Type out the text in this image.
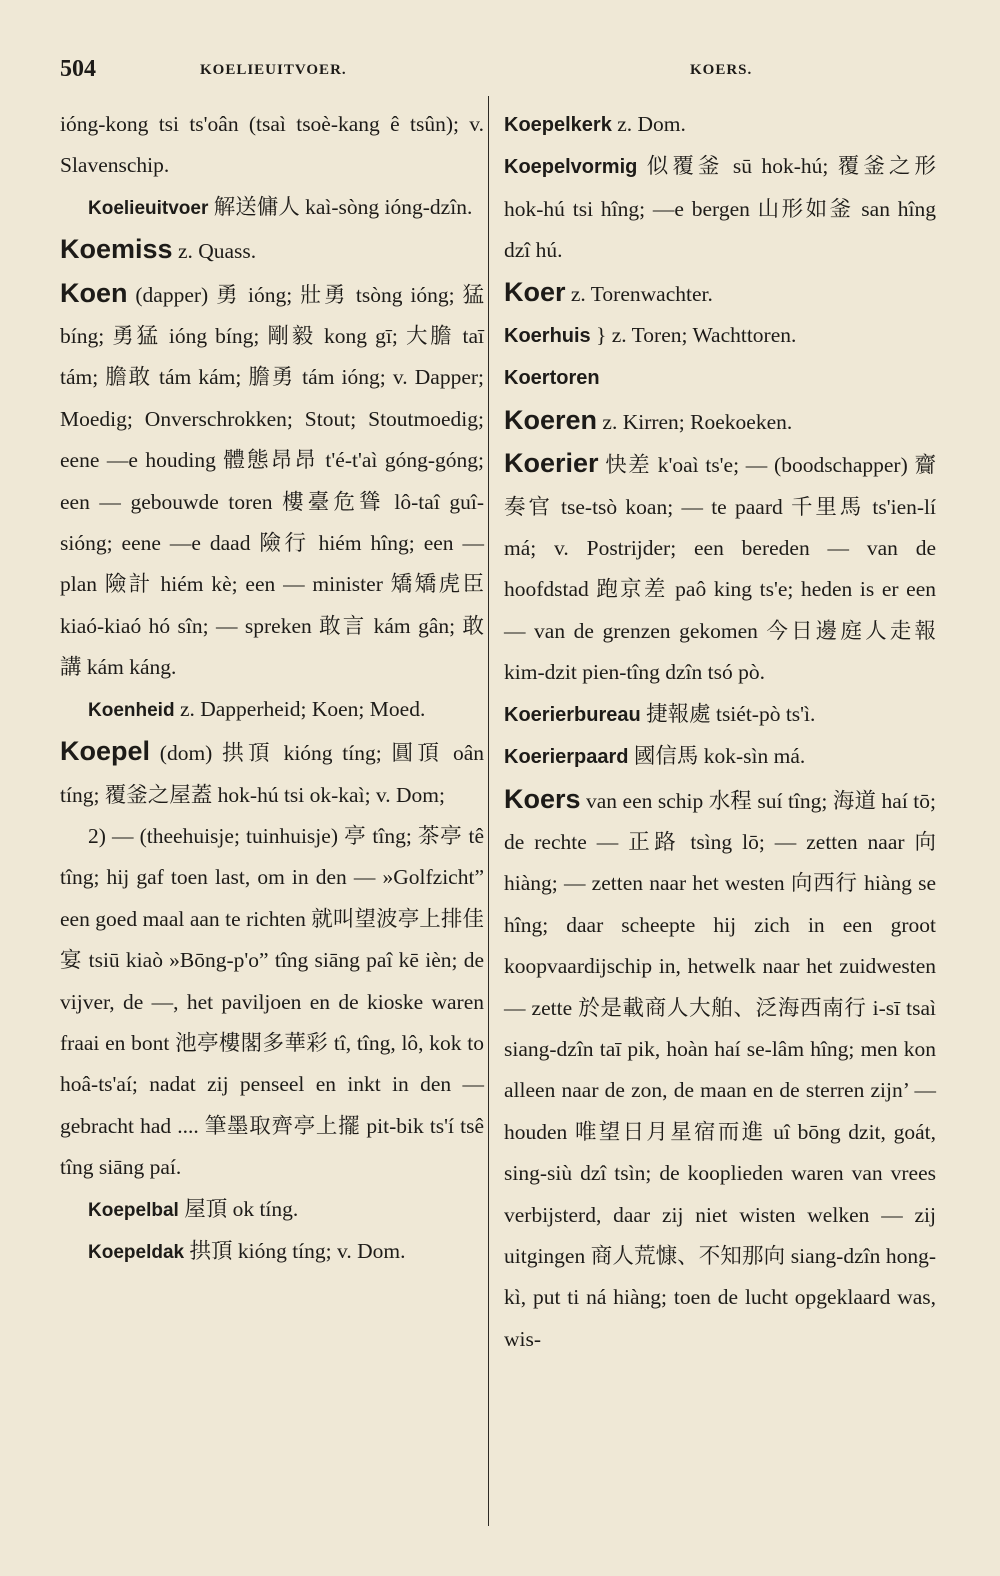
504	KOELIEUITVOER.	KOERS.

ióng-kong tsi ts'oân (tsaì tsoè-kang ê tsûn); v. Slavenschip.

Koelieuitvoer 解送傭人 kaì-sòng ióng-dzîn.

Koemiss z. Quass.

Koen (dapper) 勇 ióng; 壯勇 tsòng ióng; 猛 bíng; 勇猛 ióng bíng; 剛毅 kong gī; 大膽 taī tám; 膽敢 tám kám; 膽勇 tám ióng; v. Dapper; Moedig; Onverschrokken; Stout; Stoutmoedig; eene —e houding 體態昂昂 t'é-t'aì góng-góng; een — gebouwde toren 樓臺危聳 lô-taî guî-sióng; eene —e daad 險行 hiém hîng; een — plan 險計 hiém kè; een — minister 矯矯虎臣 kiaó-kiaó hó sîn; — spreken 敢言 kám gân; 敢講 kám káng.

Koenheid z. Dapperheid; Koen; Moed.

Koepel (dom) 拱頂 kióng tíng; 圓頂 oân tíng; 覆釜之屋蓋 hok-hú tsi ok-kaì; v. Dom;

2) — (theehuisje; tuinhuisje) 亭 tîng; 茶亭 tê tîng; hij gaf toen last, om in den — »Golfzicht” een goed maal aan te richten 就叫望波亭上排佳宴 tsiū kiaò »Bōng-p'o” tîng siāng paî kē ièn; de vijver, de —, het paviljoen en de kioske waren fraai en bont 池亭樓閣多華彩 tî, tîng, lô, kok to hoâ-ts'aí; nadat zij penseel en inkt in den — gebracht had .... 筆墨取齊亭上擺 pit-bik ts'í tsê tîng siāng paí.

Koepelbal 屋頂 ok tíng.

Koepeldak 拱頂 kióng tíng; v. Dom.

Koepelkerk z. Dom.

Koepelvormig 似覆釜 sū hok-hú; 覆釜之形 hok-hú tsi hîng; —e bergen 山形如釜 san hîng dzî hú.

Koer z. Torenwachter.

Koerhuis } z. Toren; Wachttoren.

Koertoren

Koeren z. Kirren; Roekoeken.

Koerier 快差 k'oaì ts'e; — (boodschapper) 齎奏官 tse-tsò koan; — te paard 千里馬 ts'ien-lí má; v. Postrijder; een bereden — van de hoofdstad 跑京差 paô king ts'e; heden is er een — van de grenzen gekomen 今日邊庭人走報 kim-dzit pien-tîng dzîn tsó pò.

Koerierbureau 捷報處 tsiét-pò ts'ì.

Koerierpaard 國信馬 kok-sìn má.

Koers van een schip 水程 suí tîng; 海道 haí tō; de rechte — 正路 tsìng lō; — zetten naar 向 hiàng; — zetten naar het westen 向西行 hiàng se hîng; daar scheepte hij zich in een groot koopvaardijschip in, hetwelk naar het zuidwesten — zette 於是載商人大舶、泛海西南行 i-sī tsaì siang-dzîn taī pik, hoàn haí se-lâm hîng; men kon alleen naar de zon, de maan en de sterren zijn’ — houden 唯望日月星宿而進 uî bōng dzit, goát, sing-siù dzî tsìn; de kooplieden waren van vrees verbijsterd, daar zij niet wisten welken — zij uitgingen 商人荒慷、不知那向 siang-dzîn hong-kì, put ti ná hiàng; toen de lucht opgeklaard was, wis-
